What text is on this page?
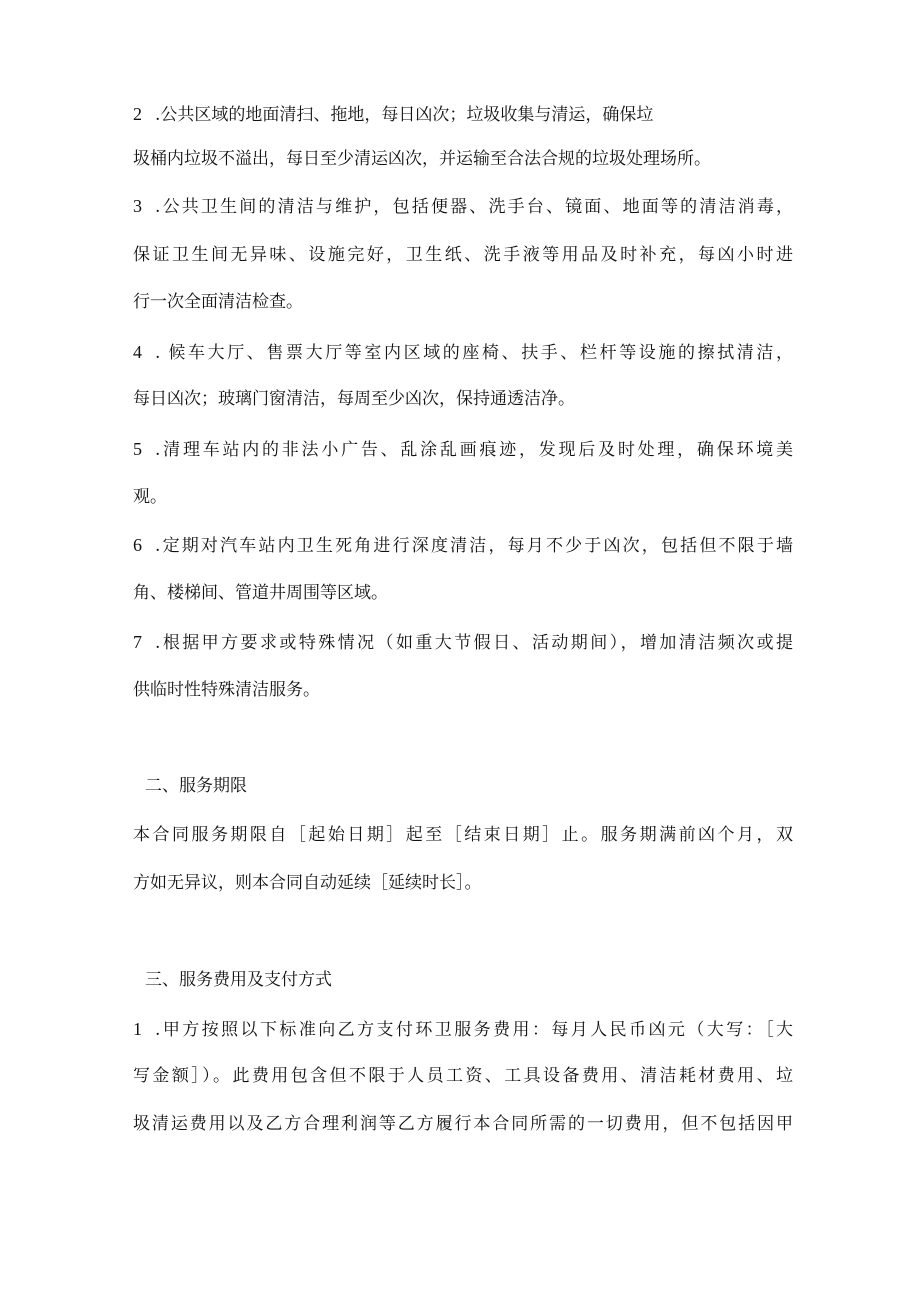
2 .公共区域的地面清扫、拖地，每日凶次；垃圾收集与清运，确保垃
圾桶内垃圾不溢出，每日至少清运凶次，并运输至合法合规的垃圾处理场所。
3 .公共卫生间的清洁与维护，包括便器、洗手台、镜面、地面等的清洁消毒，
保证卫生间无异味、设施完好，卫生纸、洗手液等用品及时补充，每凶小时进
行一次全面清洁检查。
4 . 候车大厅、售票大厅等室内区域的座椅、扶手、栏杆等设施的擦拭清洁，
每日凶次；玻璃门窗清洁，每周至少凶次，保持通透洁净。
5 .清理车站内的非法小广告、乱涂乱画痕迹，发现后及时处理，确保环境美
观。
6 .定期对汽车站内卫生死角进行深度清洁，每月不少于凶次，包括但不限于墙
角、楼梯间、管道井周围等区域。
7 .根据甲方要求或特殊情况（如重大节假日、活动期间），增加清洁频次或提
供临时性特殊清洁服务。
二、服务期限
本合同服务期限自［起始日期］起至［结束日期］止。服务期满前凶个月，双
方如无异议，则本合同自动延续［延续时长］。
三、服务费用及支付方式
1 .甲方按照以下标准向乙方支付环卫服务费用：每月人民币凶元（大写：［大
写金额］）。此费用包含但不限于人员工资、工具设备费用、清洁耗材费用、垃
圾清运费用以及乙方合理利润等乙方履行本合同所需的一切费用，但不包括因甲
